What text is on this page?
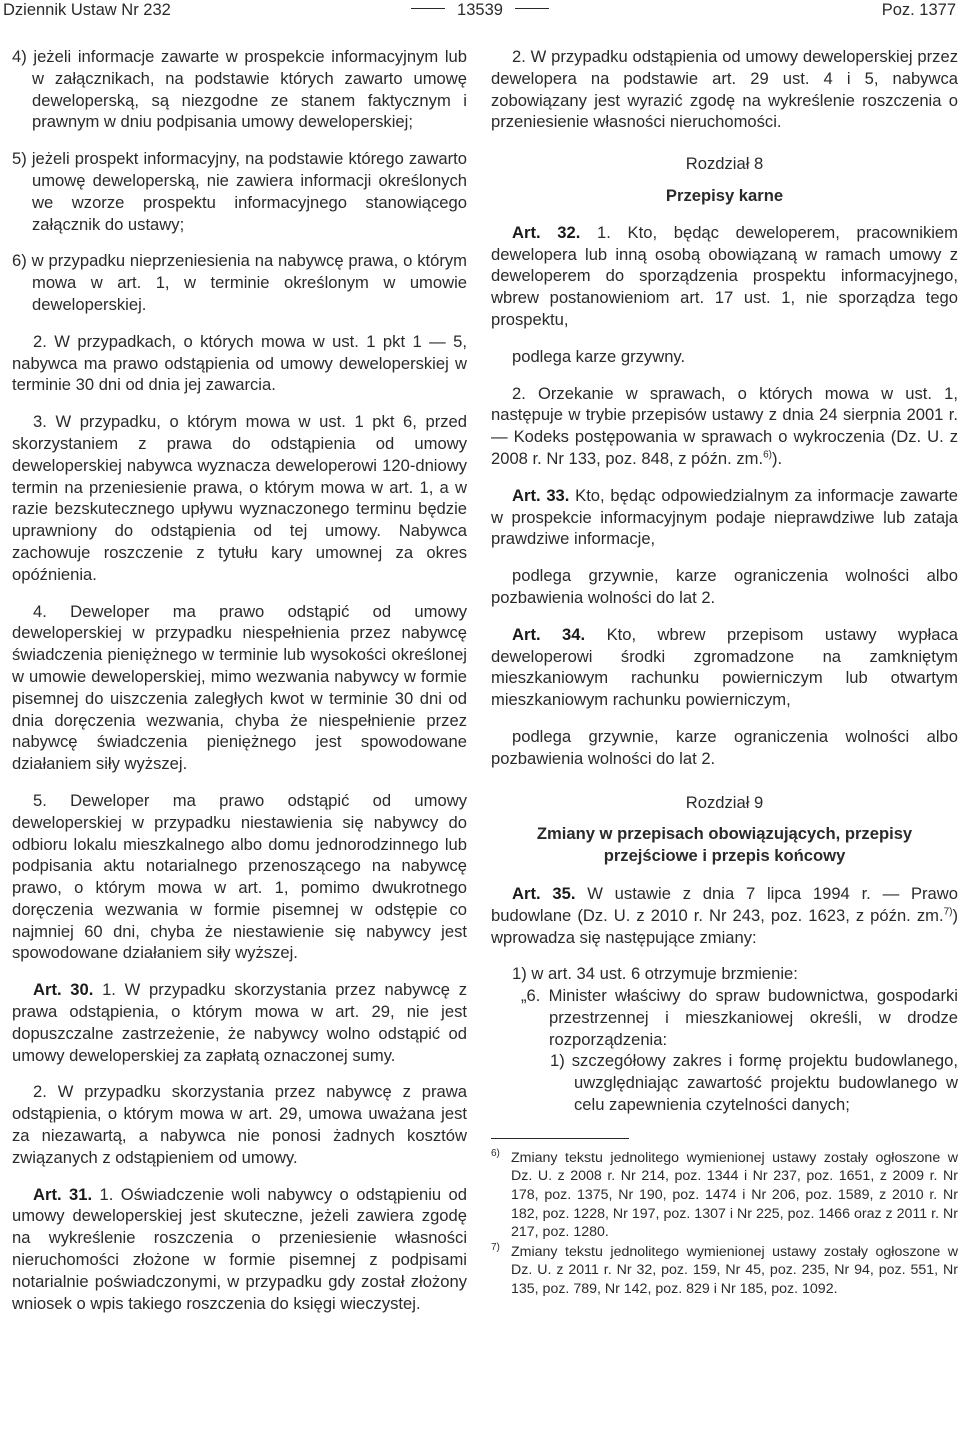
Dziennik Ustaw Nr 232	13539	Poz. 1377

4) jeżeli informacje zawarte w prospekcie informacyjnym lub w załącznikach, na podstawie których zawarto umowę deweloperską, są niezgodne ze stanem faktycznym i prawnym w dniu podpisania umowy deweloperskiej;

5) jeżeli prospekt informacyjny, na podstawie którego zawarto umowę deweloperską, nie zawiera informacji określonych we wzorze prospektu informacyjnego stanowiącego załącznik do ustawy;

6) w przypadku nieprzeniesienia na nabywcę prawa, o którym mowa w art. 1, w terminie określonym w umowie deweloperskiej.

2. W przypadkach, o których mowa w ust. 1 pkt 1 — 5, nabywca ma prawo odstąpienia od umowy deweloperskiej w terminie 30 dni od dnia jej zawarcia.

3. W przypadku, o którym mowa w ust. 1 pkt 6, przed skorzystaniem z prawa do odstąpienia od umowy deweloperskiej nabywca wyznacza deweloperowi 120-dniowy termin na przeniesienie prawa, o którym mowa w art. 1, a w razie bezskutecznego upływu wyznaczonego terminu będzie uprawniony do odstąpienia od tej umowy. Nabywca zachowuje roszczenie z tytułu kary umownej za okres opóźnienia.

4. Deweloper ma prawo odstąpić od umowy deweloperskiej w przypadku niespełnienia przez nabywcę świadczenia pieniężnego w terminie lub wysokości określonej w umowie deweloperskiej, mimo wezwania nabywcy w formie pisemnej do uiszczenia zaległych kwot w terminie 30 dni od dnia doręczenia wezwania, chyba że niespełnienie przez nabywcę świadczenia pieniężnego jest spowodowane działaniem siły wyższej.

5. Deweloper ma prawo odstąpić od umowy deweloperskiej w przypadku niestawienia się nabywcy do odbioru lokalu mieszkalnego albo domu jednorodzinnego lub podpisania aktu notarialnego przenoszącego na nabywcę prawo, o którym mowa w art. 1, pomimo dwukrotnego doręczenia wezwania w formie pisemnej w odstępie co najmniej 60 dni, chyba że niestawienie się nabywcy jest spowodowane działaniem siły wyższej.

Art. 30. 1. W przypadku skorzystania przez nabywcę z prawa odstąpienia, o którym mowa w art. 29, nie jest dopuszczalne zastrzeżenie, że nabywcy wolno odstąpić od umowy deweloperskiej za zapłatą oznaczonej sumy.

2. W przypadku skorzystania przez nabywcę z prawa odstąpienia, o którym mowa w art. 29, umowa uważana jest za niezawartą, a nabywca nie ponosi żadnych kosztów związanych z odstąpieniem od umowy.

Art. 31. 1. Oświadczenie woli nabywcy o odstąpieniu od umowy deweloperskiej jest skuteczne, jeżeli zawiera zgodę na wykreślenie roszczenia o przeniesienie własności nieruchomości złożone w formie pisemnej z podpisami notarialnie poświadczonymi, w przypadku gdy został złożony wniosek o wpis takiego roszczenia do księgi wieczystej.

2. W przypadku odstąpienia od umowy deweloperskiej przez dewelopera na podstawie art. 29 ust. 4 i 5, nabywca zobowiązany jest wyrazić zgodę na wykreślenie roszczenia o przeniesienie własności nieruchomości.

Rozdział 8

Przepisy karne

Art. 32. 1. Kto, będąc deweloperem, pracownikiem dewelopera lub inną osobą obowiązaną w ramach umowy z deweloperem do sporządzenia prospektu informacyjnego, wbrew postanowieniom art. 17 ust. 1, nie sporządza tego prospektu,

podlega karze grzywny.

2. Orzekanie w sprawach, o których mowa w ust. 1, następuje w trybie przepisów ustawy z dnia 24 sierpnia 2001 r. — Kodeks postępowania w sprawach o wykroczenia (Dz. U. z 2008 r. Nr 133, poz. 848, z późn. zm.$^{6)}$).

Art. 33. Kto, będąc odpowiedzialnym za informacje zawarte w prospekcie informacyjnym podaje nieprawdziwe lub zataja prawdziwe informacje,

podlega grzywnie, karze ograniczenia wolności albo pozbawienia wolności do lat 2.

Art. 34. Kto, wbrew przepisom ustawy wypłaca deweloperowi środki zgromadzone na zamkniętym mieszkaniowym rachunku powierniczym lub otwartym mieszkaniowym rachunku powierniczym,

podlega grzywnie, karze ograniczenia wolności albo pozbawienia wolności do lat 2.

Rozdział 9

Zmiany w przepisach obowiązujących, przepisy przejściowe i przepis końcowy

Art. 35. W ustawie z dnia 7 lipca 1994 r. — Prawo budowlane (Dz. U. z 2010 r. Nr 243, poz. 1623, z późn. zm.$^{7)}$) wprowadza się następujące zmiany:

1) w art. 34 ust. 6 otrzymuje brzmienie:

„6. Minister właściwy do spraw budownictwa, gospodarki przestrzennej i mieszkaniowej określi, w drodze rozporządzenia:

1) szczegółowy zakres i formę projektu budowlanego, uwzględniając zawartość projektu budowlanego w celu zapewnienia czytelności danych;

6) Zmiany tekstu jednolitego wymienionej ustawy zostały ogłoszone w Dz. U. z 2008 r. Nr 214, poz. 1344 i Nr 237, poz. 1651, z 2009 r. Nr 178, poz. 1375, Nr 190, poz. 1474 i Nr 206, poz. 1589, z 2010 r. Nr 182, poz. 1228, Nr 197, poz. 1307 i Nr 225, poz. 1466 oraz z 2011 r. Nr 217, poz. 1280.

7) Zmiany tekstu jednolitego wymienionej ustawy zostały ogłoszone w Dz. U. z 2011 r. Nr 32, poz. 159, Nr 45, poz. 235, Nr 94, poz. 551, Nr 135, poz. 789, Nr 142, poz. 829 i Nr 185, poz. 1092.
